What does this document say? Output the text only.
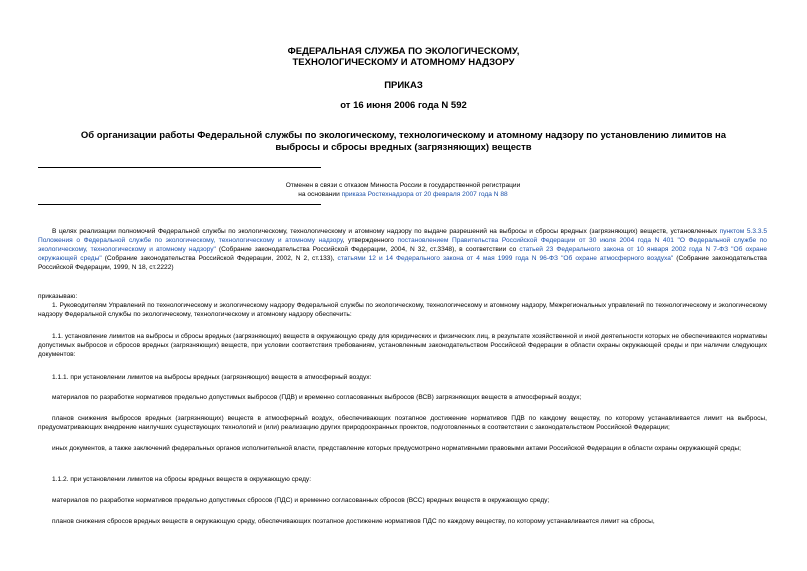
ФЕДЕРАЛЬНАЯ СЛУЖБА ПО ЭКОЛОГИЧЕСКОМУ,
ТЕХНОЛОГИЧЕСКОМУ И АТОМНОМУ НАДЗОРУ
ПРИКАЗ
от 16 июня 2006 года N 592
Об организации работы Федеральной службы по экологическому, технологическому и атомному надзору по установлению лимитов на выбросы и сбросы вредных (загрязняющих) веществ
Отменен в связи с отказом Минюста России в государственной регистрации
на основании приказа Ростехнадзора от 20 февраля 2007 года N 88
В целях реализации полномочий Федеральной службы по экологическому, технологическому и атомному надзору по выдаче разрешений на выбросы и сбросы вредных (загрязняющих) веществ, установленных пунктом 5.3.3.5 Положения о Федеральной службе по экологическому, технологическому и атомному надзору, утвержденного постановлением Правительства Российской Федерации от 30 июля 2004 года N 401 "О Федеральной службе по экологическому, технологическому и атомному надзору" (Собрание законодательства Российской Федерации, 2004, N 32, ст.3348), в соответствии со статьей 23 Федерального закона от 10 января 2002 года N 7-ФЗ "Об охране окружающей среды" (Собрание законодательства Российской Федерации, 2002, N 2, ст.133), статьями 12 и 14 Федерального закона от 4 мая 1999 года N 96-ФЗ "Об охране атмосферного воздуха" (Собрание законодательства Российской Федерации, 1999, N 18, ст.2222)
приказываю:
1. Руководителям Управлений по технологическому и экологическому надзору Федеральной службы по экологическому, технологическому и атомному надзору, Межрегиональных управлений по технологическому и экологическому надзору Федеральной службы по экологическому, технологическому и атомному надзору обеспечить:
1.1. установление лимитов на выбросы и сбросы вредных (загрязняющих) веществ в окружающую среду для юридических и физических лиц, в результате хозяйственной и иной деятельности которых не обеспечиваются нормативы допустимых выбросов и сбросов вредных (загрязняющих) веществ, при условии соответствия требованиям, установленным законодательством Российской Федерации в области охраны окружающей среды и при наличии следующих документов:
1.1.1. при установлении лимитов на выбросы вредных (загрязняющих) веществ в атмосферный воздух:
материалов по разработке нормативов предельно допустимых выбросов (ПДВ) и временно согласованных выбросов (ВСВ) загрязняющих веществ в атмосферный воздух;
планов снижения выбросов вредных (загрязняющих) веществ в атмосферный воздух, обеспечивающих поэтапное достижение нормативов ПДВ по каждому веществу, по которому устанавливается лимит на выбросы, предусматривающих внедрение наилучших существующих технологий и (или) реализацию других природоохранных проектов, подготовленных в соответствии с законодательством Российской Федерации;
иных документов, а также заключений федеральных органов исполнительной власти, представление которых предусмотрено нормативными правовыми актами Российской Федерации в области охраны окружающей среды;
1.1.2. при установлении лимитов на сбросы вредных веществ в окружающую среду:
материалов по разработке нормативов предельно допустимых сбросов (ПДС) и временно согласованных сбросов (ВСС) вредных веществ в окружающую среду;
планов снижения сбросов вредных веществ в окружающую среду, обеспечивающих поэтапное достижение нормативов ПДС по каждому веществу, по которому устанавливается лимит на сбросы,
